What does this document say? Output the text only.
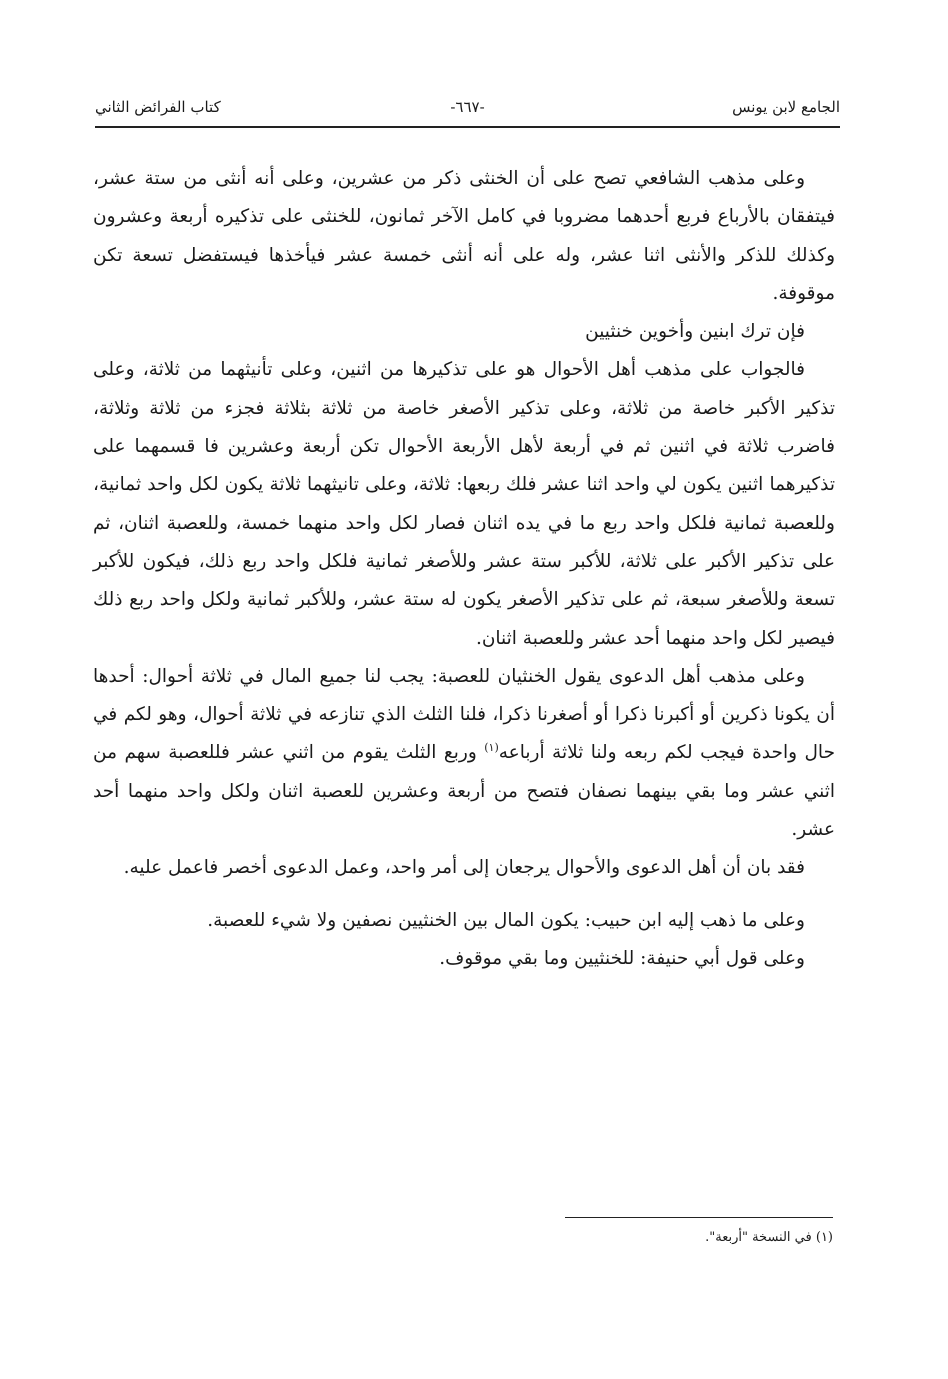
الجامع لابن يونس
-٦٦٧-
كتاب الفرائض الثاني

وعلى مذهب الشافعي تصح على أن الخنثى ذكر من عشرين، وعلى أنه أنثى من ستة عشر، فيتفقان بالأرباع فربع أحدهما مضروبا في كامل الآخر ثمانون، للخنثى على تذكيره أربعة وعشرون وكذلك للذكر والأنثى اثنا عشر، وله على أنه أنثى خمسة عشر فيأخذها فيستفضل تسعة تكن موقوفة.

فإن ترك ابنين وأخوين خنثيين

فالجواب على مذهب أهل الأحوال هو على تذكيرها من اثنين، وعلى تأنيثهما من ثلاثة، وعلى تذكير الأكبر خاصة من ثلاثة، وعلى تذكير الأصغر خاصة من ثلاثة بثلاثة فجزء من ثلاثة وثلاثة، فاضرب ثلاثة في اثنين ثم في أربعة لأهل الأربعة الأحوال تكن أربعة وعشرين فا قسمهما على تذكيرهما اثنين يكون لي واحد اثنا عشر فلك ربعها: ثلاثة، وعلى تانيثهما ثلاثة يكون لكل واحد ثمانية، وللعصبة ثمانية فلكل واحد ربع ما في يده اثنان فصار لكل واحد منهما خمسة، وللعصبة اثنان، ثم على تذكير الأكبر على ثلاثة، للأكبر ستة عشر وللأصغر ثمانية فلكل واحد ربع ذلك، فيكون للأكبر تسعة وللأصغر سبعة، ثم على تذكير الأصغر يكون له ستة عشر، وللأكبر ثمانية ولكل واحد ربع ذلك فيصير لكل واحد منهما أحد عشر وللعصبة اثنان.

وعلى مذهب أهل الدعوى يقول الخنثيان للعصبة: يجب لنا جميع المال في ثلاثة أحوال: أحدها أن يكونا ذكرين أو أكبرنا ذكرا أو أصغرنا ذكرا، فلنا الثلث الذي تنازعه في ثلاثة أحوال، وهو لكم في حال واحدة فيجب لكم ربعه ولنا ثلاثة أرباعه$^{(١)}$ وربع الثلث يقوم من اثني عشر فللعصبة سهم من اثني عشر وما بقي بينهما نصفان فتصح من أربعة وعشرين للعصبة اثنان ولكل واحد منهما أحد عشر.

فقد بان أن أهل الدعوى والأحوال يرجعان إلى أمر واحد، وعمل الدعوى أخصر فاعمل عليه.

وعلى ما ذهب إليه ابن حبيب: يكون المال بين الخنثيين نصفين ولا شيء للعصبة.

وعلى قول أبي حنيفة: للخنثيين وما بقي موقوف.

(١) في النسخة "أربعة".
